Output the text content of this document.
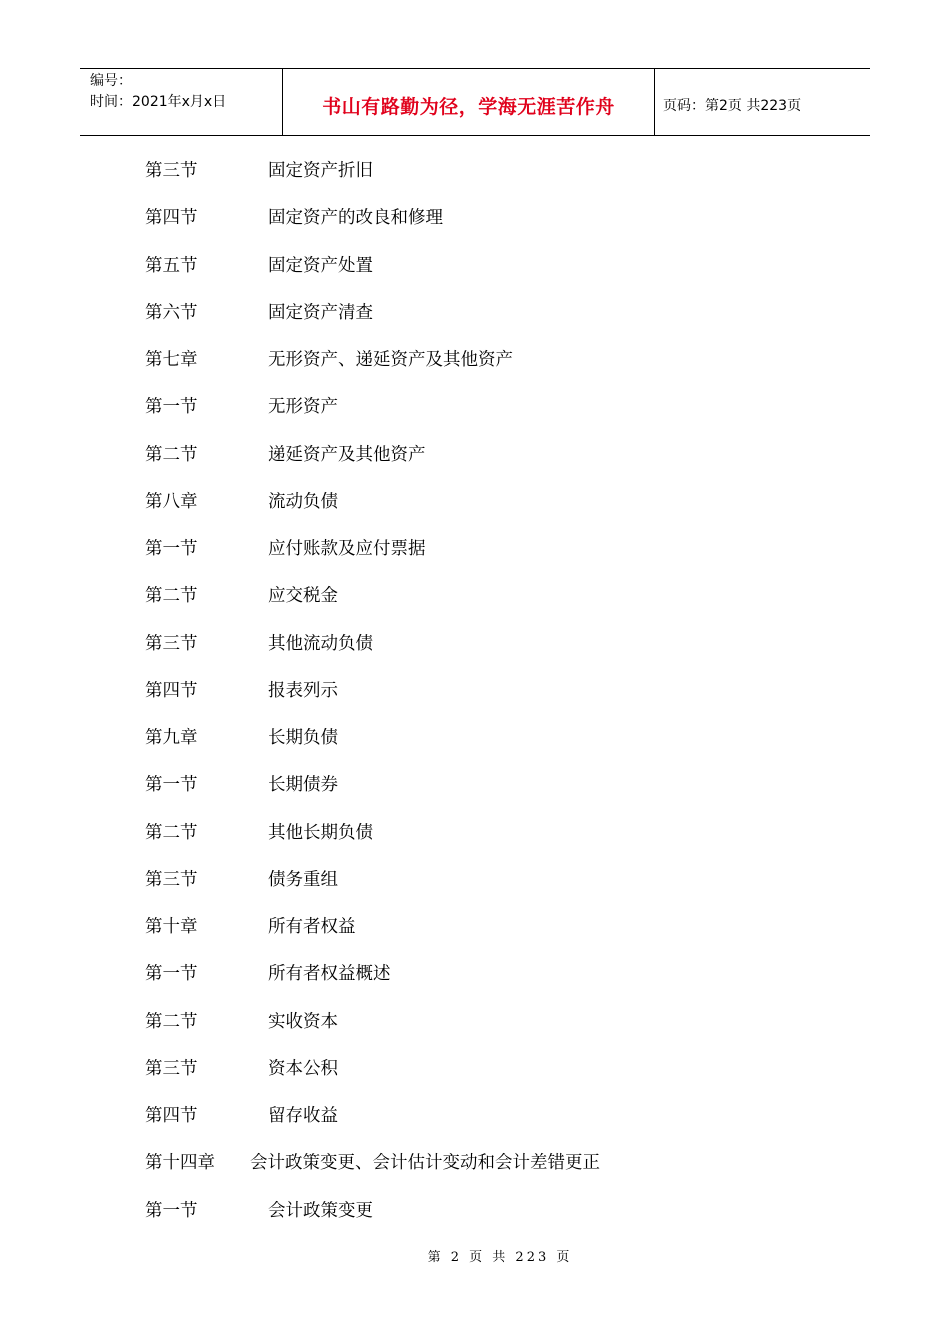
编号：
时间：2021年x月x日	书山有路勤为径，学海无涯苦作舟	页码：第2页 共223页
第三节	固定资产折旧
第四节	固定资产的改良和修理
第五节	固定资产处置
第六节	固定资产清查
第七章	无形资产、递延资产及其他资产
第一节	无形资产
第二节	递延资产及其他资产
第八章	流动负债
第一节	应付账款及应付票据
第二节	应交税金
第三节	其他流动负债
第四节	报表列示
第九章	长期负债
第一节	长期债券
第二节	其他长期负债
第三节	债务重组
第十章	所有者权益
第一节	所有者权益概述
第二节	实收资本
第三节	资本公积
第四节	留存收益
第十四章 会计政策变更、会计估计变动和会计差错更正
第一节	会计政策变更
第 2 页 共 223 页
